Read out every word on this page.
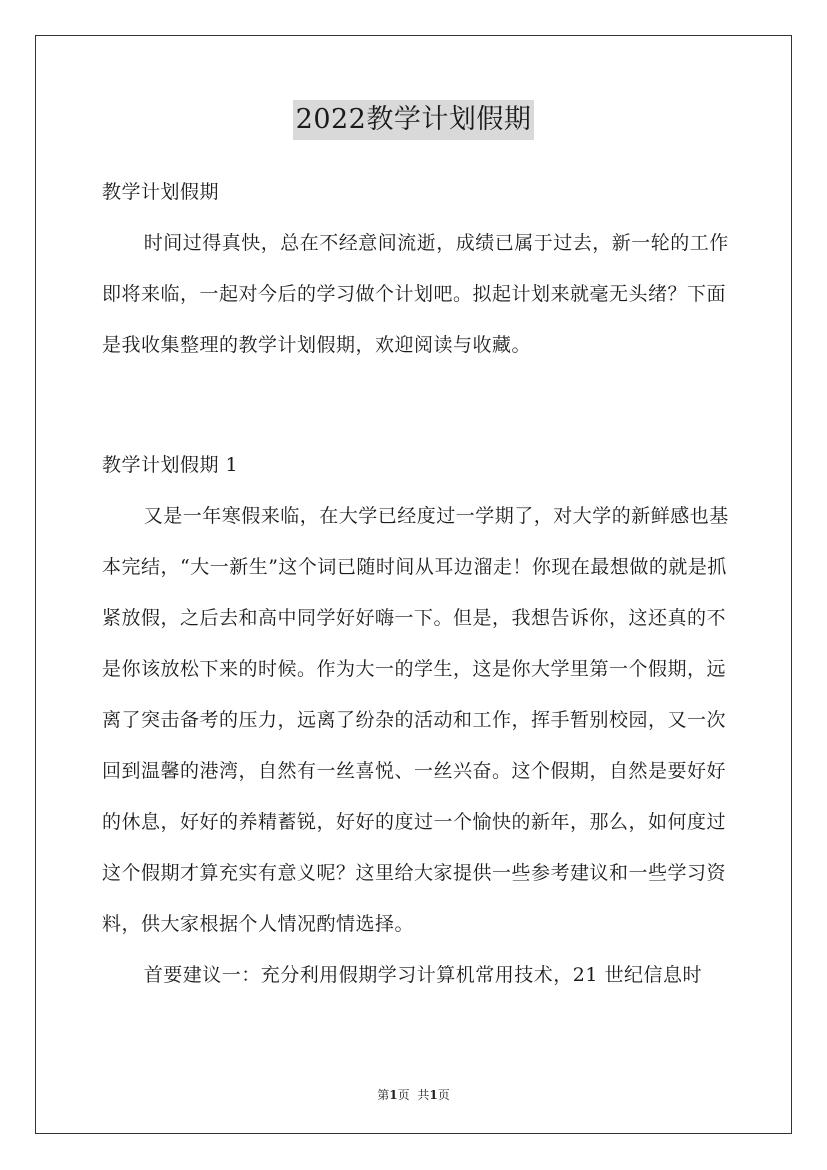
2022教学计划假期

教学计划假期

时间过得真快，总在不经意间流逝，成绩已属于过去，新一轮的工作即将来临，一起对今后的学习做个计划吧。拟起计划来就毫无头绪？下面是我收集整理的教学计划假期，欢迎阅读与收藏。

教学计划假期 1

又是一年寒假来临，在大学已经度过一学期了，对大学的新鲜感也基本完结，“大一新生”这个词已随时间从耳边溜走！你现在最想做的就是抓紧放假，之后去和高中同学好好嗨一下。但是，我想告诉你，这还真的不是你该放松下来的时候。作为大一的学生，这是你大学里第一个假期，远离了突击备考的压力，远离了纷杂的活动和工作，挥手暂别校园，又一次回到温馨的港湾，自然有一丝喜悦、一丝兴奋。这个假期，自然是要好好的休息，好好的养精蓄锐，好好的度过一个愉快的新年，那么，如何度过这个假期才算充实有意义呢？这里给大家提供一些参考建议和一些学习资料，供大家根据个人情况酌情选择。

首要建议一：充分利用假期学习计算机常用技术，21 世纪信息时

第1页 共1页
